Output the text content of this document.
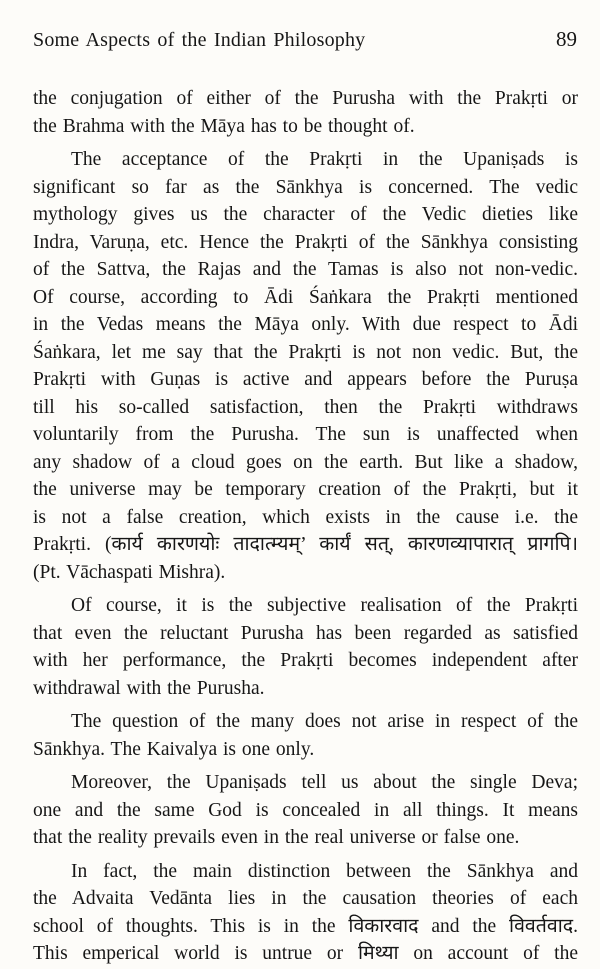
Some Aspects of the Indian Philosophy	89
the conjugation of either of the Purusha with the Prakṛti or
the Brahma with the Māya has to be thought of.
The acceptance of the Prakṛti in the Upaniṣads is
significant so far as the Sānkhya is concerned. The vedic
mythology gives us the character of the Vedic dieties like
Indra, Varuṇa, etc. Hence the Prakṛti of the Sānkhya consisting
of the Sattva, the Rajas and the Tamas is also not non-vedic.
Of course, according to Ādi Śaṅkara the Prakṛti mentioned
in the Vedas means the Māya only. With due respect to Ādi
Śaṅkara, let me say that the Prakṛti is not non vedic. But, the
Prakṛti with Guṇas is active and appears before the Puruṣa
till his so-called satisfaction, then the Prakṛti withdraws
voluntarily from the Purusha. The sun is unaffected when
any shadow of a cloud goes on the earth. But like a shadow,
the universe may be temporary creation of the Prakṛti, but it
is not a false creation, which exists in the cause i.e. the
Prakṛti. (कार्य कारणयोः तादात्म्यम्’ कार्यं सत्, कारणव्यापारात् प्रागपि।
(Pt. Vāchaspati Mishra).
Of course, it is the subjective realisation of the Prakṛti
that even the reluctant Purusha has been regarded as satisfied
with her performance, the Prakṛti becomes independent after
withdrawal with the Purusha.
The question of the many does not arise in respect of the
Sānkhya. The Kaivalya is one only.
Moreover, the Upaniṣads tell us about the single Deva;
one and the same God is concealed in all things. It means
that the reality prevails even in the real universe or false one.
In fact, the main distinction between the Sānkhya and
the Advaita Vedānta lies in the causation theories of each
school of thoughts. This is in the विकारवाद and the विवर्तवाद.
This emperical world is untrue or मिथ्या on account of the
